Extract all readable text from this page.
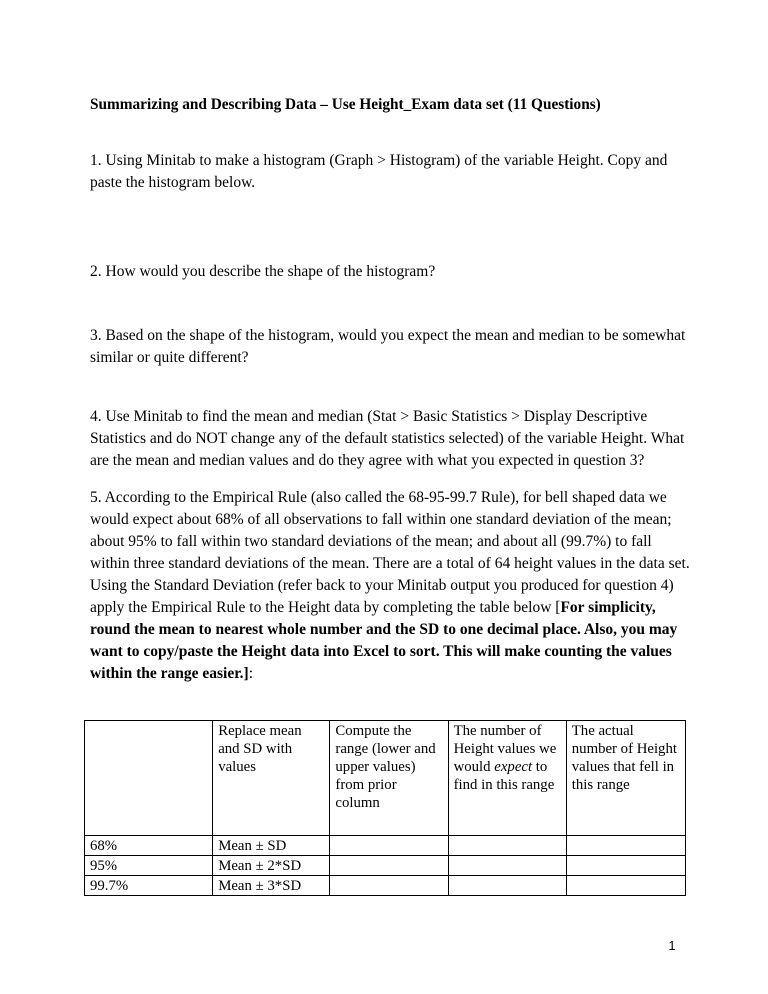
Summarizing and Describing Data – Use Height_Exam data set (11 Questions)

1. Using Minitab to make a histogram (Graph > Histogram) of the variable Height. Copy and paste the histogram below.

2. How would you describe the shape of the histogram?

3. Based on the shape of the histogram, would you expect the mean and median to be somewhat similar or quite different?

4. Use Minitab to find the mean and median (Stat > Basic Statistics > Display Descriptive Statistics and do NOT change any of the default statistics selected) of the variable Height. What are the mean and median values and do they agree with what you expected in question 3?

5. According to the Empirical Rule (also called the 68-95-99.7 Rule), for bell shaped data we would expect about 68% of all observations to fall within one standard deviation of the mean; about 95% to fall within two standard deviations of the mean; and about all (99.7%) to fall within three standard deviations of the mean. There are a total of 64 height values in the data set. Using the Standard Deviation (refer back to your Minitab output you produced for question 4) apply the Empirical Rule to the Height data by completing the table below [For simplicity, round the mean to nearest whole number and the SD to one decimal place. Also, you may want to copy/paste the Height data into Excel to sort. This will make counting the values within the range easier.]:

	Replace mean and SD with values	Compute the range (lower and upper values) from prior column	The number of Height values we would expect to find in this range	The actual number of Height values that fell in this range
68%	Mean ± SD			
95%	Mean ± 2*SD			
99.7%	Mean ± 3*SD			
1
